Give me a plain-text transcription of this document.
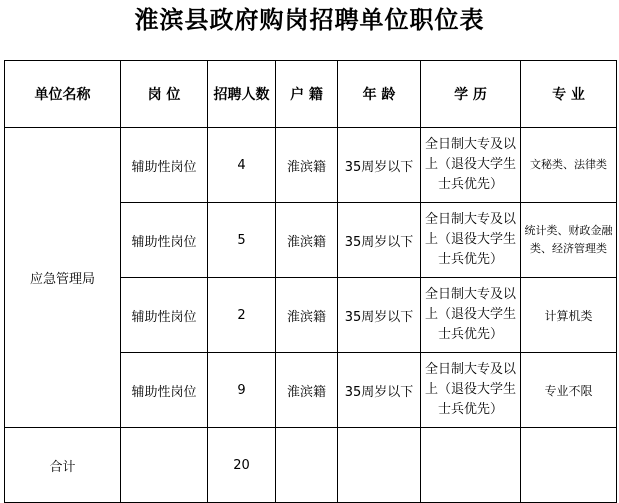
淮滨县政府购岗招聘单位职位表
单位名称	岗 位	招聘人数	户 籍	年 龄	学 历	专 业
应急管理局	辅助性岗位	4	淮滨籍	35周岁以下	全日制大专及以上（退役大学生士兵优先）	文秘类、法律类
	辅助性岗位	5	淮滨籍	35周岁以下	全日制大专及以上（退役大学生士兵优先）	统计类、财政金融类、经济管理类
	辅助性岗位	2	淮滨籍	35周岁以下	全日制大专及以上（退役大学生士兵优先）	计算机类
	辅助性岗位	9	淮滨籍	35周岁以下	全日制大专及以上（退役大学生士兵优先）	专业不限
合计		20				
